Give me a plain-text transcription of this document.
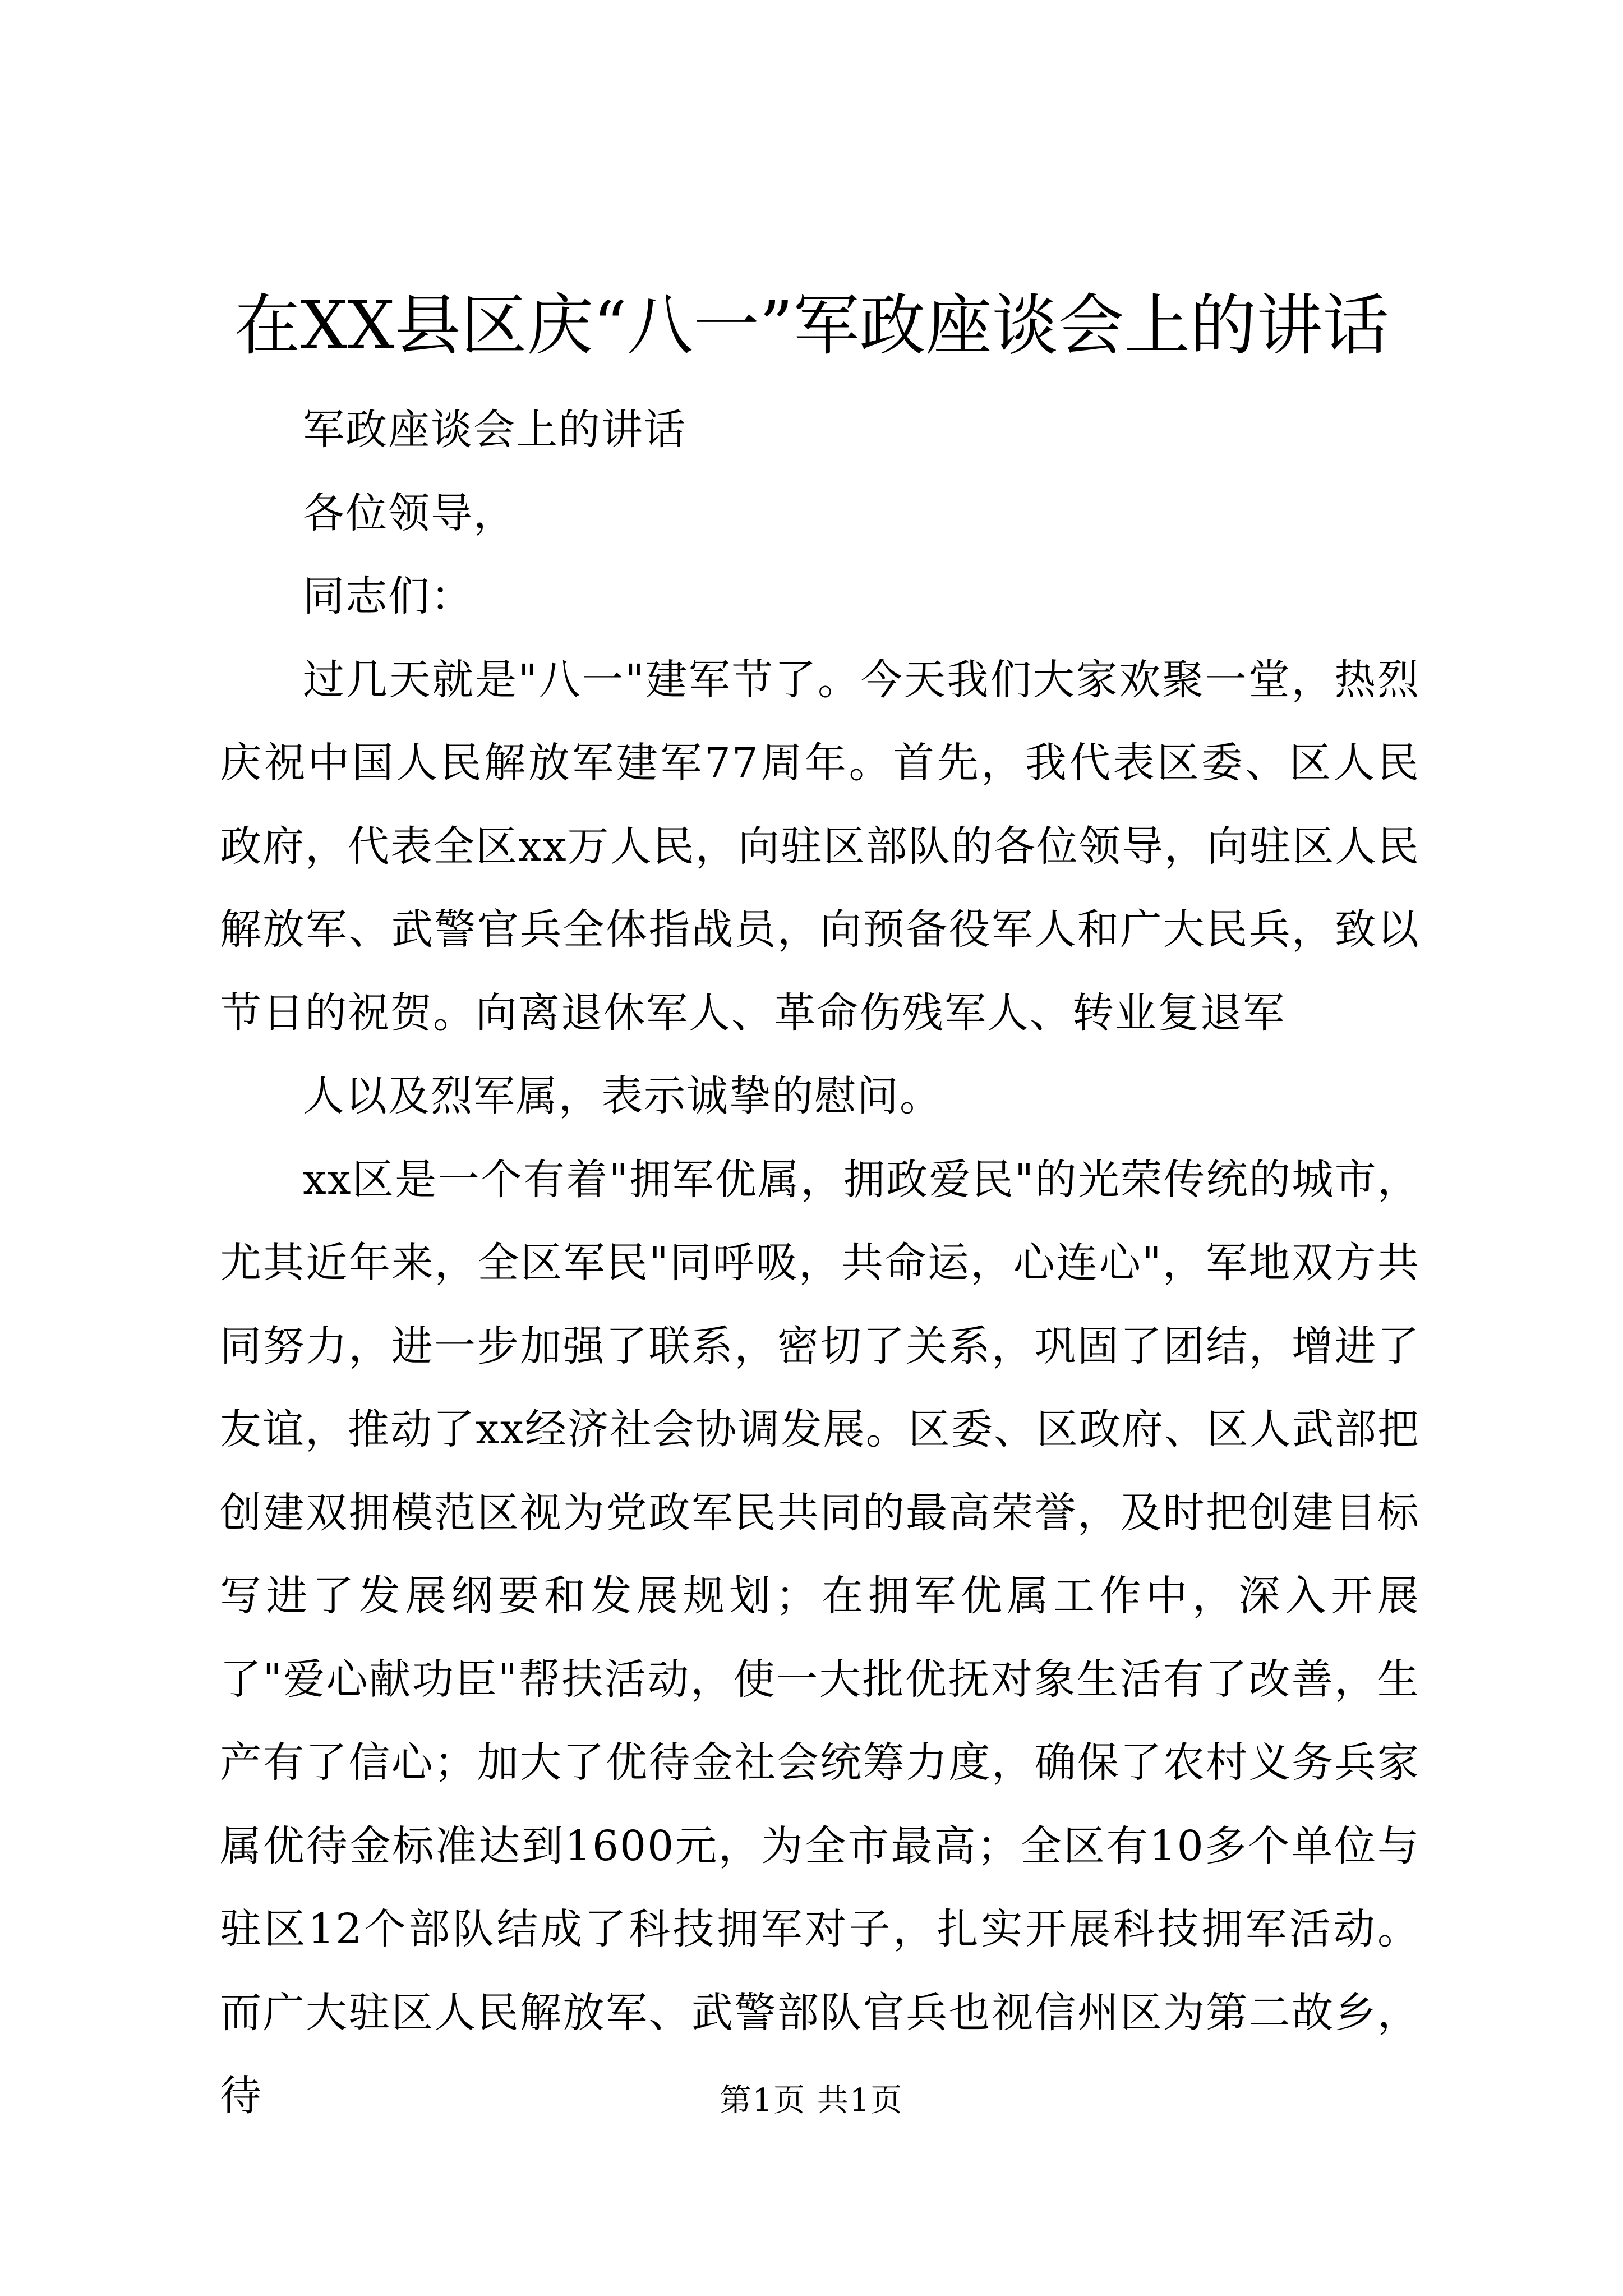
在XX县区庆“八一”军政座谈会上的讲话

军政座谈会上的讲话

各位领导，

同志们：

过几天就是"八一"建军节了。今天我们大家欢聚一堂，热烈庆祝中国人民解放军建军77周年。首先，我代表区委、区人民政府，代表全区xx万人民，向驻区部队的各位领导，向驻区人民解放军、武警官兵全体指战员，向预备役军人和广大民兵，致以节日的祝贺。向离退休军人、革命伤残军人、转业复退军

人以及烈军属，表示诚挚的慰问。

xx区是一个有着"拥军优属，拥政爱民"的光荣传统的城市，尤其近年来，全区军民"同呼吸，共命运，心连心"，军地双方共同努力，进一步加强了联系，密切了关系，巩固了团结，增进了友谊，推动了xx经济社会协调发展。区委、区政府、区人武部把创建双拥模范区视为党政军民共同的最高荣誉，及时把创建目标写进了发展纲要和发展规划；在拥军优属工作中，深入开展了"爱心献功臣"帮扶活动，使一大批优抚对象生活有了改善，生产有了信心；加大了优待金社会统筹力度，确保了农村义务兵家属优待金标准达到1600元，为全市最高；全区有10多个单位与驻区12个部队结成了科技拥军对子，扎实开展科技拥军活动。而广大驻区人民解放军、武警部队官兵也视信州区为第二故乡，待	第1页 共1页
